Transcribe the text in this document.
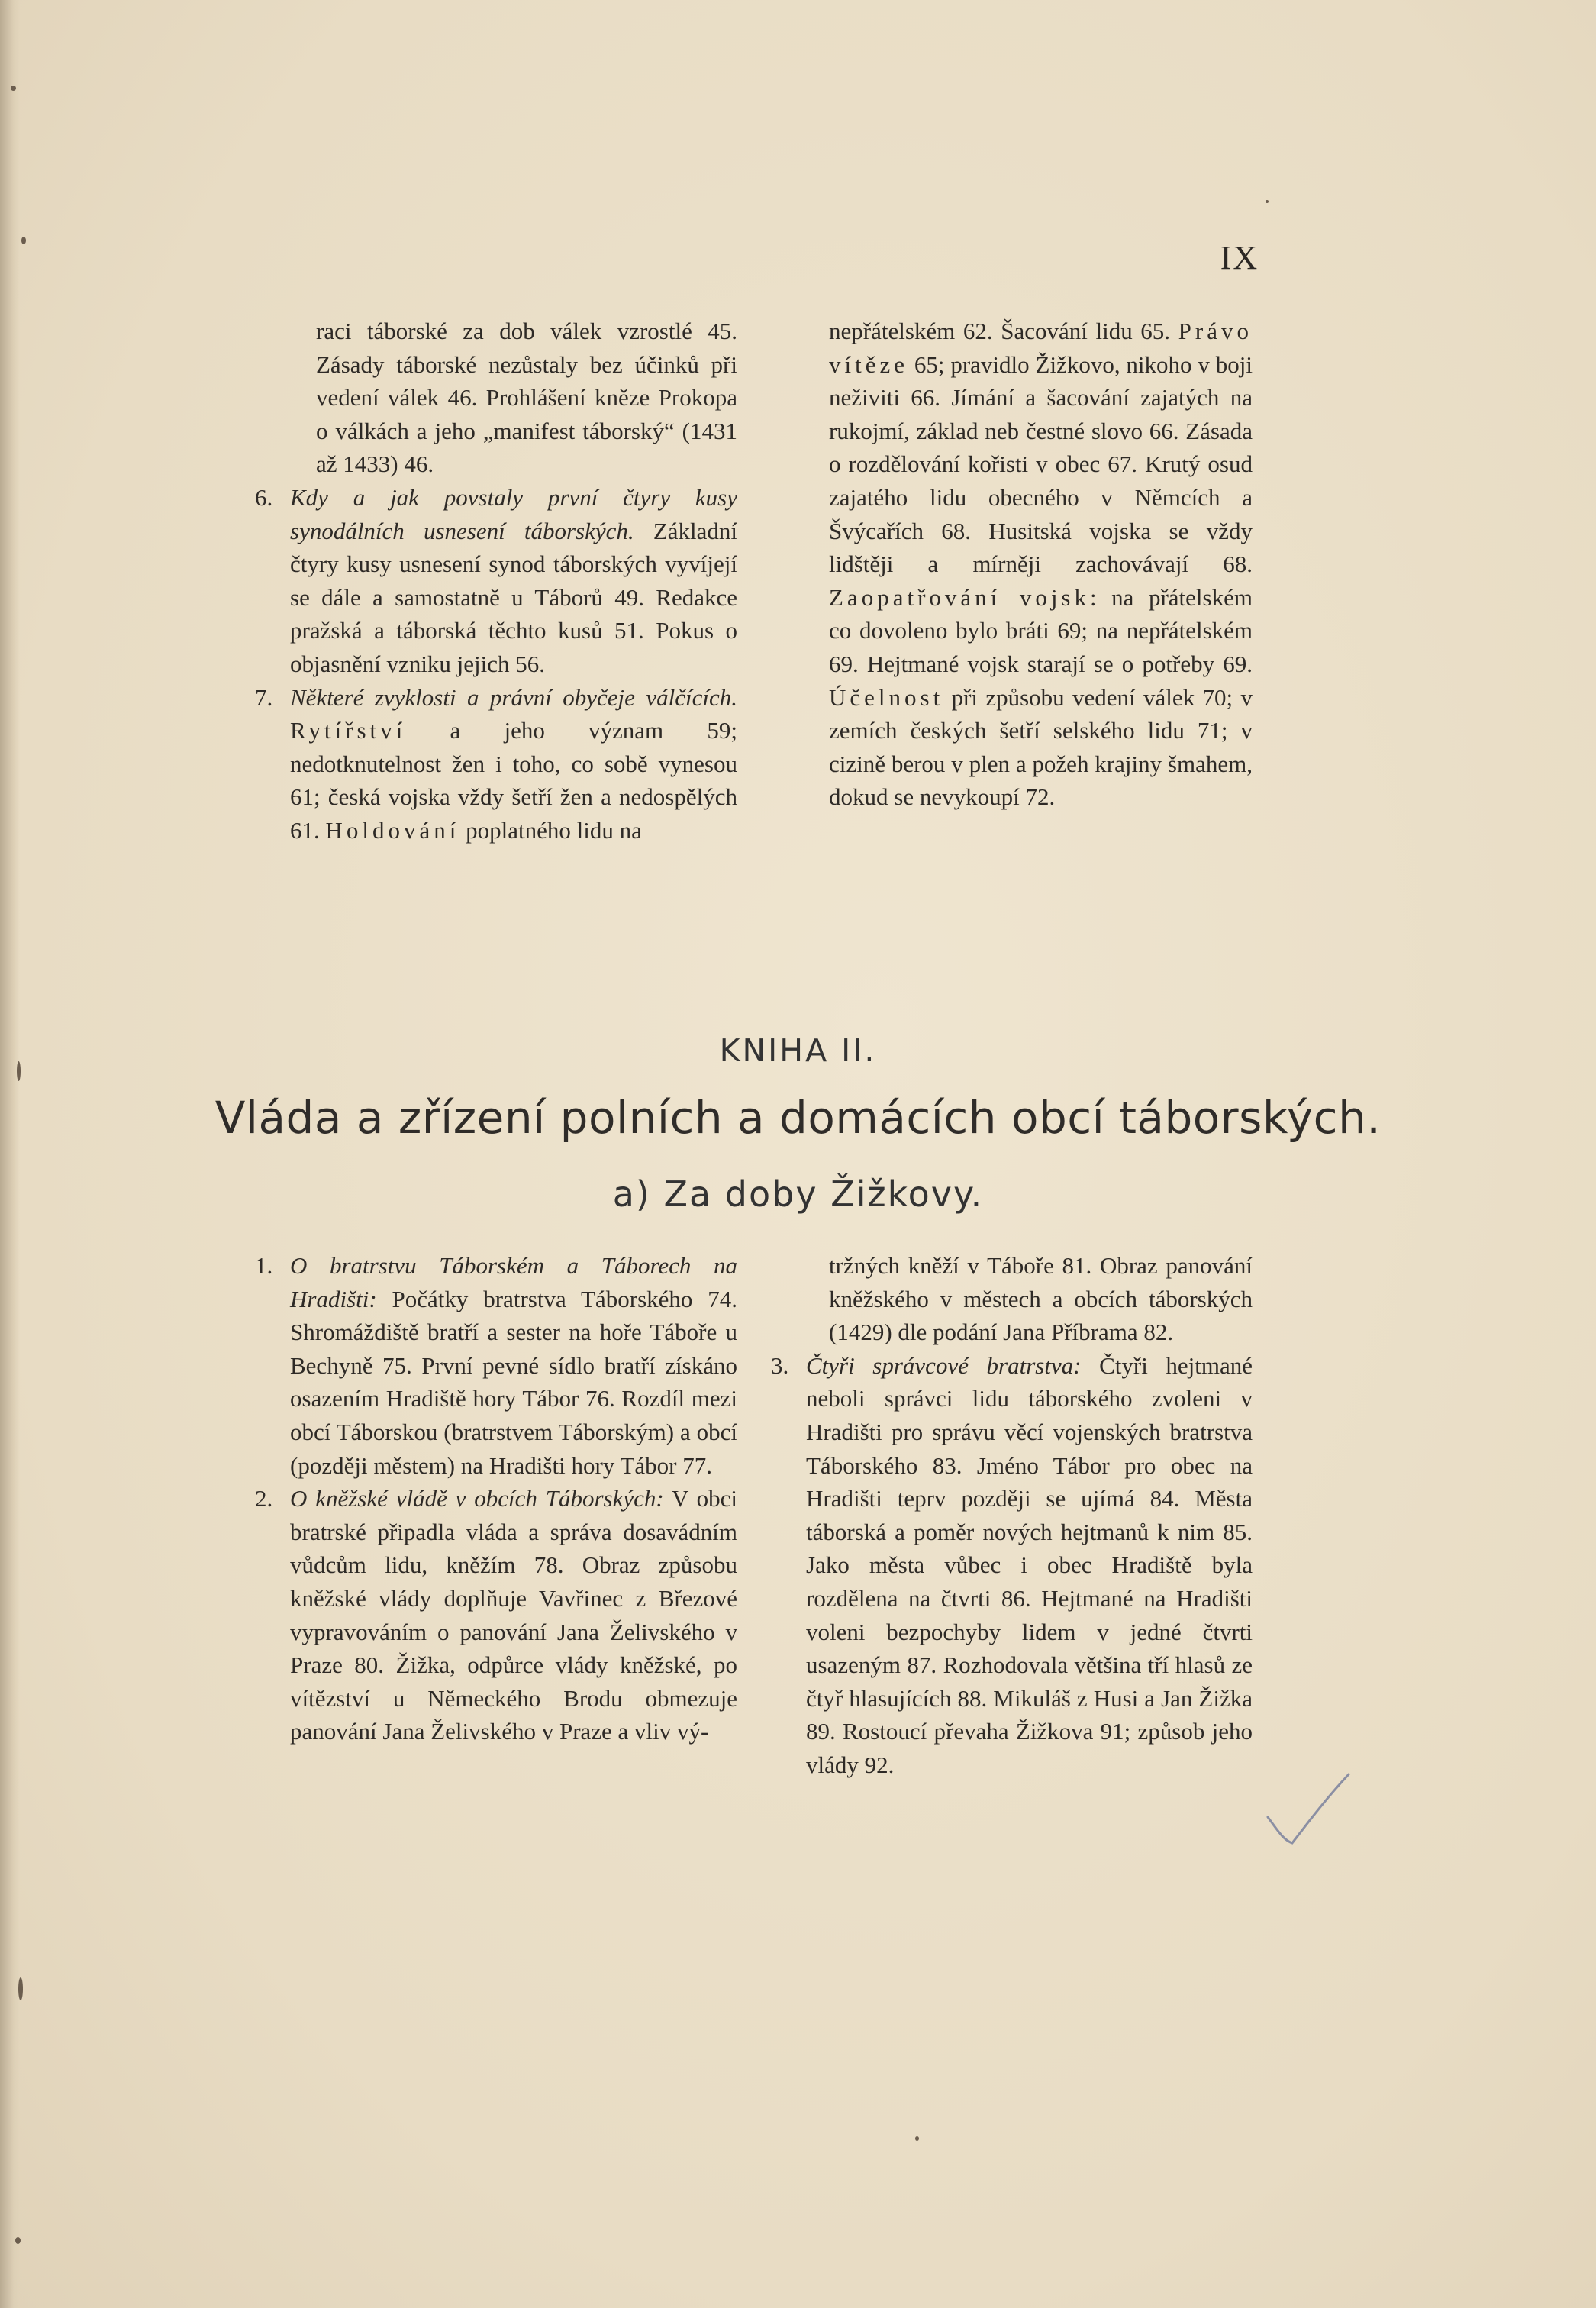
IX

raci táborské za dob válek vzrostlé 45. Zásady táborské nezůstaly bez účinků při vedení válek 46. Prohlášení kněze Prokopa o válkách a jeho „manifest táborský“ (1431 až 1433) 46.

6. Kdy a jak povstaly první čtyry kusy synodálních usnesení táborských. Základní čtyry kusy usnesení synod táborských vyvíjejí se dále a samostatně u Táborů 49. Redakce pražská a táborská těchto kusů 51. Pokus o objasnění vzniku jejich 56.

7. Některé zvyklosti a právní obyčeje válčících. Rytířství a jeho význam 59; nedotknutelnost žen i toho, co sobě vynesou 61; česká vojska vždy šetří žen a nedospělých 61. Holdování poplatného lidu na

nepřátelském 62. Šacování lidu 65. Právo vítěze 65; pravidlo Žižkovo, nikoho v boji neživiti 66. Jímání a šacování zajatých na rukojmí, základ neb čestné slovo 66. Zásada o rozdělování kořisti v obec 67. Krutý osud zajatého lidu obecného v Němcích a Švýcařích 68. Husitská vojska se vždy lidštěji a mírněji zachovávají 68. Zaopatřování vojsk: na přátelském co dovoleno bylo bráti 69; na nepřátelském 69. Hejtmané vojsk starají se o potřeby 69. Účelnost při způsobu vedení válek 70; v zemích českých šetří selského lidu 71; v cizině berou v plen a požeh krajiny šmahem, dokud se nevykoupí 72.

KNIHA II.
Vláda a zřízení polních a domácích obcí táborských.
a) Za doby Žižkovy.
1. O bratrstvu Táborském a Táborech na Hradišti: Počátky bratrstva Táborského 74. Shromáždiště bratří a sester na hoře Táboře u Bechyně 75. První pevné sídlo bratří získáno osazením Hradiště hory Tábor 76. Rozdíl mezi obcí Táborskou (bratrstvem Táborským) a obcí (později městem) na Hradišti hory Tábor 77.

2. O kněžské vládě v obcích Táborských: V obci bratrské připadla vláda a správa dosavádním vůdcům lidu, kněžím 78. Obraz způsobu kněžské vlády doplňuje Vavřinec z Březové vypravováním o panování Jana Želivského v Praze 80. Žižka, odpůrce vlády kněžské, po vítězství u Německého Brodu obmezuje panování Jana Želivského v Praze a vliv vý-

tržných kněží v Táboře 81. Obraz panování kněžského v městech a obcích táborských (1429) dle podání Jana Příbrama 82.

3. Čtyři správcové bratrstva: Čtyři hejtmané neboli správci lidu táborského zvoleni v Hradišti pro správu věcí vojenských bratrstva Táborského 83. Jméno Tábor pro obec na Hradišti teprv později se ujímá 84. Města táborská a poměr nových hejtmanů k nim 85. Jako města vůbec i obec Hradiště byla rozdělena na čtvrti 86. Hejtmané na Hradišti voleni bezpochyby lidem v jedné čtvrti usazeným 87. Rozhodovala většina tří hlasů ze čtyř hlasujících 88. Mikuláš z Husi a Jan Žižka 89. Rostoucí převaha Žižkova 91; způsob jeho vlády 92.
